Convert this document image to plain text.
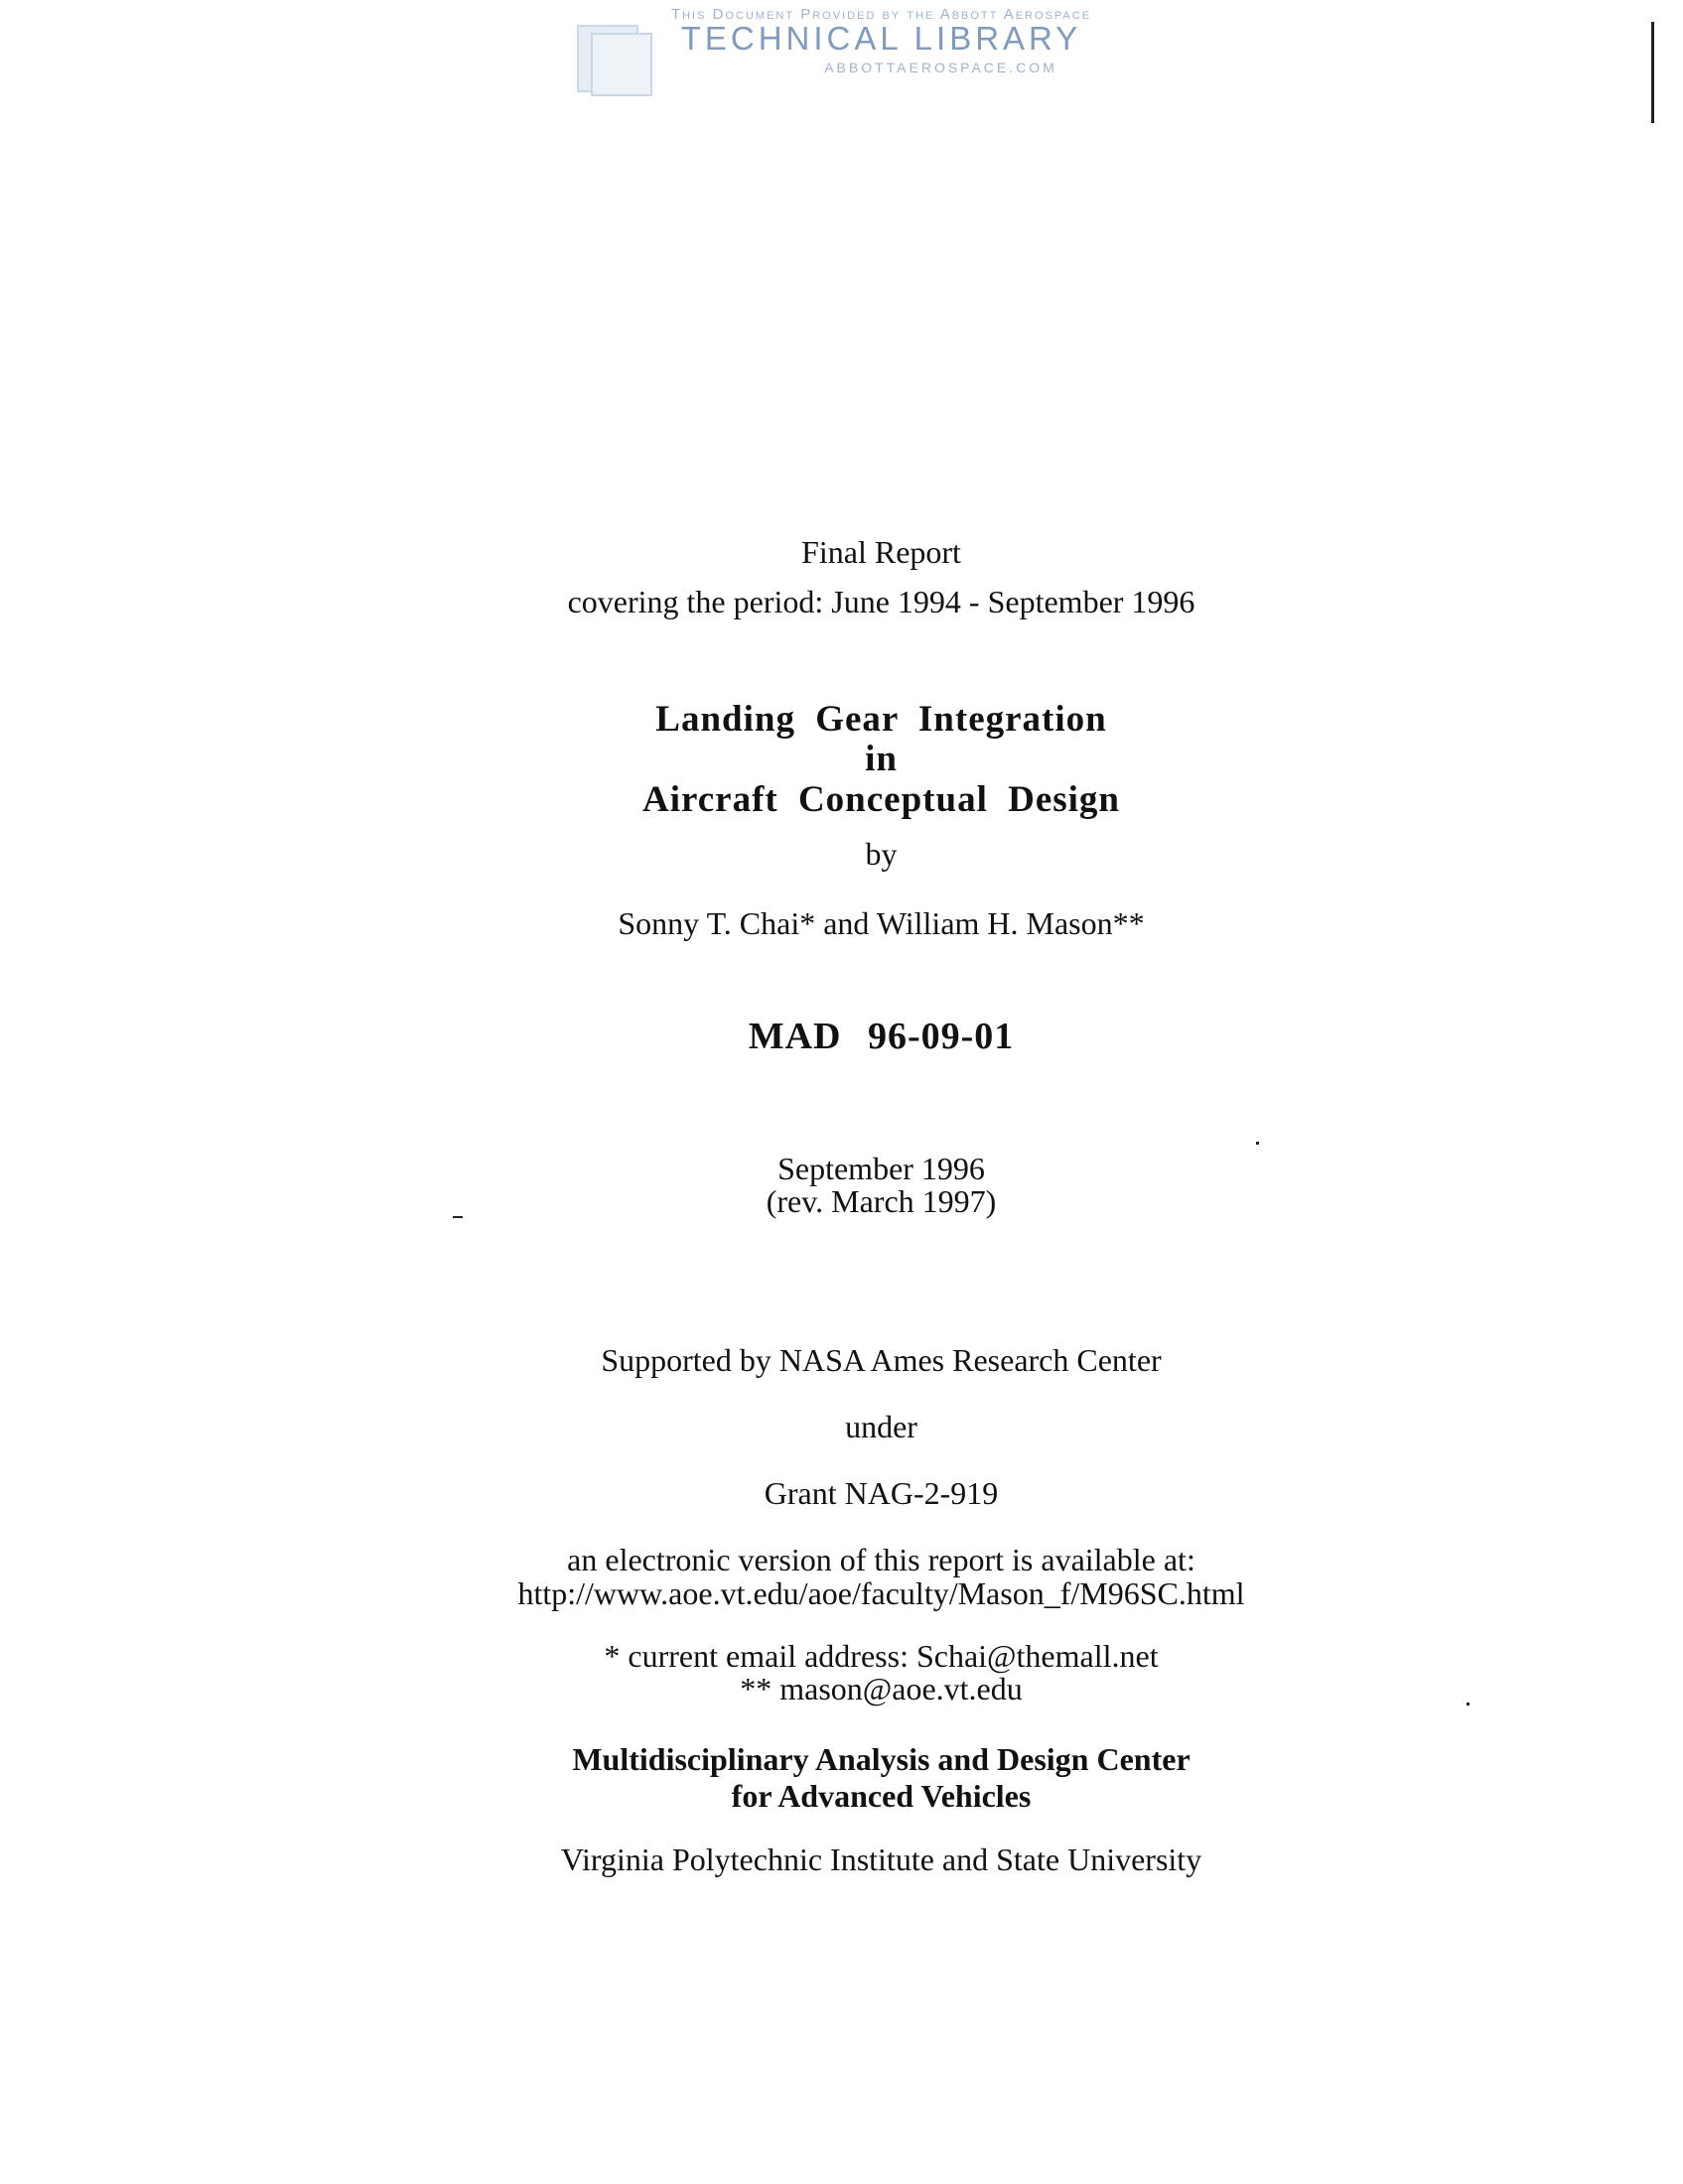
This Document Provided by the Abbott Aerospace
TECHNICAL LIBRARY
ABBOTTAEROSPACE.COM
Final Report
covering the period: June 1994 - September 1996
Landing Gear Integration
in
Aircraft Conceptual Design
by
Sonny T. Chai* and William H. Mason**
MAD 96-09-01
September 1996
(rev. March 1997)
Supported by NASA Ames Research Center
under
Grant NAG-2-919
an electronic version of this report is available at:
http://www.aoe.vt.edu/aoe/faculty/Mason_f/M96SC.html
* current email address: Schai@themall.net
** mason@aoe.vt.edu
Multidisciplinary Analysis and Design Center
for Advanced Vehicles
Virginia Polytechnic Institute and State University
